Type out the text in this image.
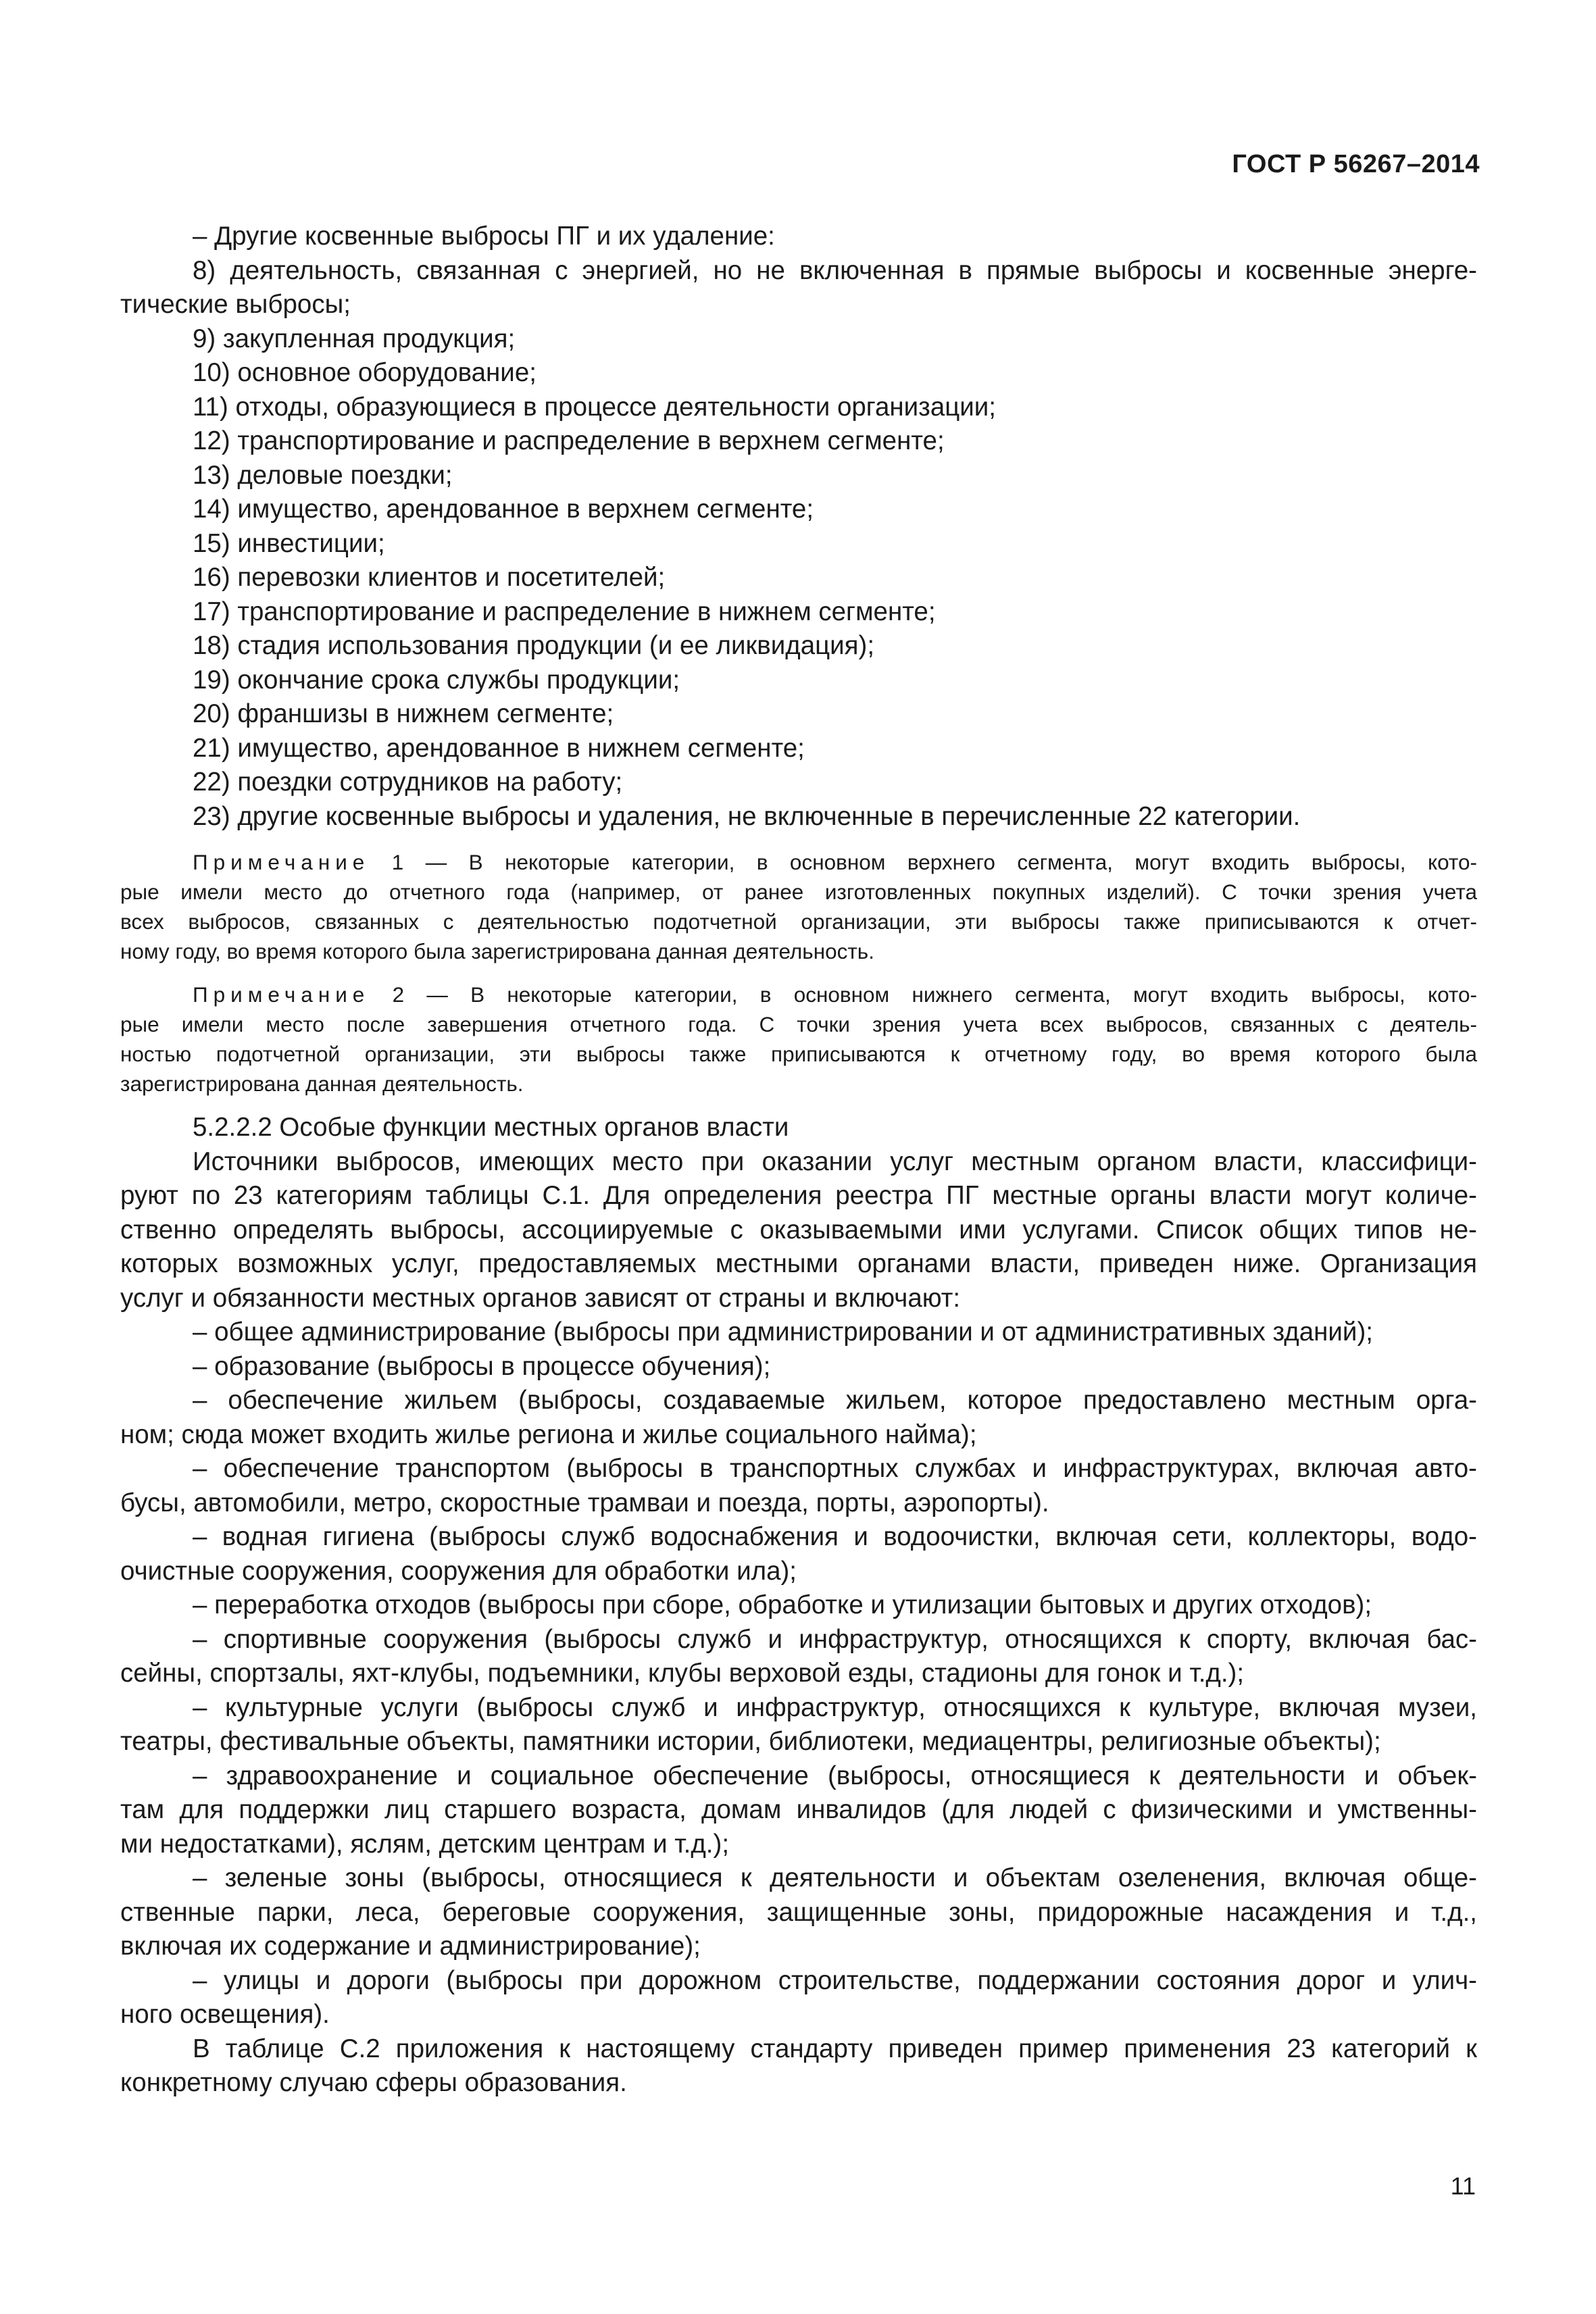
ГОСТ Р 56267–2014
– Другие косвенные выбросы ПГ и их удаление:
8) деятельность, связанная с энергией, но не включенная в прямые выбросы и косвенные энерге-
тические выбросы;
9) закупленная продукция;
10) основное оборудование;
11) отходы, образующиеся в процессе деятельности организации;
12) транспортирование и распределение в верхнем сегменте;
13) деловые поездки;
14) имущество, арендованное в верхнем сегменте;
15) инвестиции;
16) перевозки клиентов и посетителей;
17) транспортирование и распределение в нижнем сегменте;
18) стадия использования продукции (и ее ликвидация);
19) окончание срока службы продукции;
20) франшизы в нижнем сегменте;
21) имущество, арендованное в нижнем сегменте;
22) поездки сотрудников на работу;
23) другие косвенные выбросы и удаления, не включенные в перечисленные 22 категории.
Примечание 1 — В некоторые категории, в основном верхнего сегмента, могут входить выбросы, кото-
рые имели место до отчетного года (например, от ранее изготовленных покупных изделий). С точки зрения учета
всех выбросов, связанных с деятельностью подотчетной организации, эти выбросы также приписываются к отчет-
ному году, во время которого была зарегистрирована данная деятельность.
Примечание 2 — В некоторые категории, в основном нижнего сегмента, могут входить выбросы, кото-
рые имели место после завершения отчетного года. С точки зрения учета всех выбросов, связанных с деятель-
ностью подотчетной организации, эти выбросы также приписываются к отчетному году, во время которого была
зарегистрирована данная деятельность.
5.2.2.2 Особые функции местных органов власти
Источники выбросов, имеющих место при оказании услуг местным органом власти, классифици-
руют по 23 категориям таблицы С.1. Для определения реестра ПГ местные органы власти могут количе-
ственно определять выбросы, ассоциируемые с оказываемыми ими услугами. Список общих типов не-
которых возможных услуг, предоставляемых местными органами власти, приведен ниже. Организация
услуг и обязанности местных органов зависят от страны и включают:
– общее администрирование (выбросы при администрировании и от административных зданий);
– образование (выбросы в процессе обучения);
– обеспечение жильем (выбросы, создаваемые жильем, которое предоставлено местным орга-
ном; сюда может входить жилье региона и жилье социального найма);
– обеспечение транспортом (выбросы в транспортных службах и инфраструктурах, включая авто-
бусы, автомобили, метро, скоростные трамваи и поезда, порты, аэропорты).
– водная гигиена (выбросы служб водоснабжения и водоочистки, включая сети, коллекторы, водо-
очистные сооружения, сооружения для обработки ила);
– переработка отходов (выбросы при сборе, обработке и утилизации бытовых и других отходов);
– спортивные сооружения (выбросы служб и инфраструктур, относящихся к спорту, включая бас-
сейны, спортзалы, яхт-клубы, подъемники, клубы верховой езды, стадионы для гонок и т.д.);
– культурные услуги (выбросы служб и инфраструктур, относящихся к культуре, включая музеи,
театры, фестивальные объекты, памятники истории, библиотеки, медиацентры, религиозные объекты);
– здравоохранение и социальное обеспечение (выбросы, относящиеся к деятельности и объек-
там для поддержки лиц старшего возраста, домам инвалидов (для людей с физическими и умственны-
ми недостатками), яслям, детским центрам и т.д.);
– зеленые зоны (выбросы, относящиеся к деятельности и объектам озеленения, включая обще-
ственные парки, леса, береговые сооружения, защищенные зоны, придорожные насаждения и т.д.,
включая их содержание и администрирование);
– улицы и дороги (выбросы при дорожном строительстве, поддержании состояния дорог и улич-
ного освещения).
В таблице С.2 приложения к настоящему стандарту приведен пример применения 23 категорий к
конкретному случаю сферы образования.
11
